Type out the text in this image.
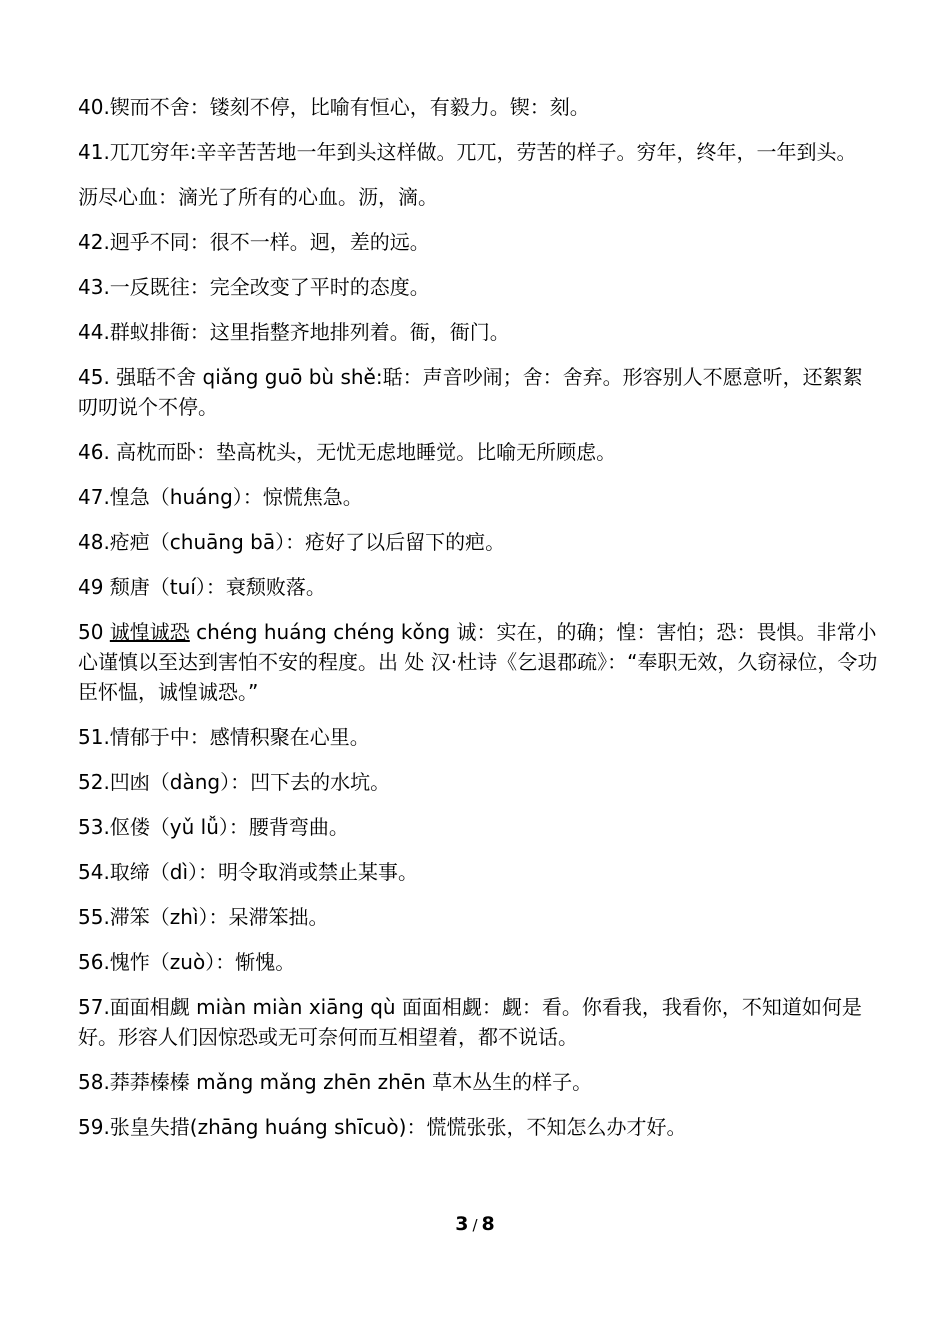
40.锲而不舍：镂刻不停，比喻有恒心，有毅力。锲：刻。

41.兀兀穷年:辛辛苦苦地一年到头这样做。兀兀，劳苦的样子。穷年，终年，一年到头。

沥尽心血：滴光了所有的心血。沥，滴。

42.迥乎不同：很不一样。迥，差的远。

43.一反既往：完全改变了平时的态度。

44.群蚁排衙：这里指整齐地排列着。衙，衙门。

45. 强聒不舍 qiǎng guō bù shě:聒：声音吵闹；舍：舍弃。形容别人不愿意听，还絮絮叨叨说个不停。

46. 高枕而卧：垫高枕头，无忧无虑地睡觉。比喻无所顾虑。

47.惶急（huáng）：惊慌焦急。

48.疮疤（chuāng bā）：疮好了以后留下的疤。

49 颓唐（tuí）：衰颓败落。

50 诚惶诚恐 chéng huáng chéng kǒng 诚：实在，的确；惶：害怕；恐：畏惧。非常小心谨慎以至达到害怕不安的程度。出 处 汉·杜诗《乞退郡疏》：“奉职无效，久窃禄位，令功臣怀愠，诚惶诚恐。”

51.情郁于中：感情积聚在心里。

52.凹凼（dàng）：凹下去的水坑。

53.伛偻（yǔ lǚ）：腰背弯曲。

54.取缔（dì）：明令取消或禁止某事。

55.滞笨（zhì）：呆滞笨拙。

56.愧怍（zuò）：惭愧。

57.面面相觑 miàn miàn xiāng qù 面面相觑：觑：看。你看我，我看你，不知道如何是好。形容人们因惊恐或无可奈何而互相望着，都不说话。

58.莽莽榛榛 mǎng mǎng zhēn zhēn 草木丛生的样子。

59.张皇失措(zhāng huáng shīcuò)：慌慌张张，不知怎么办才好。

3 / 8
